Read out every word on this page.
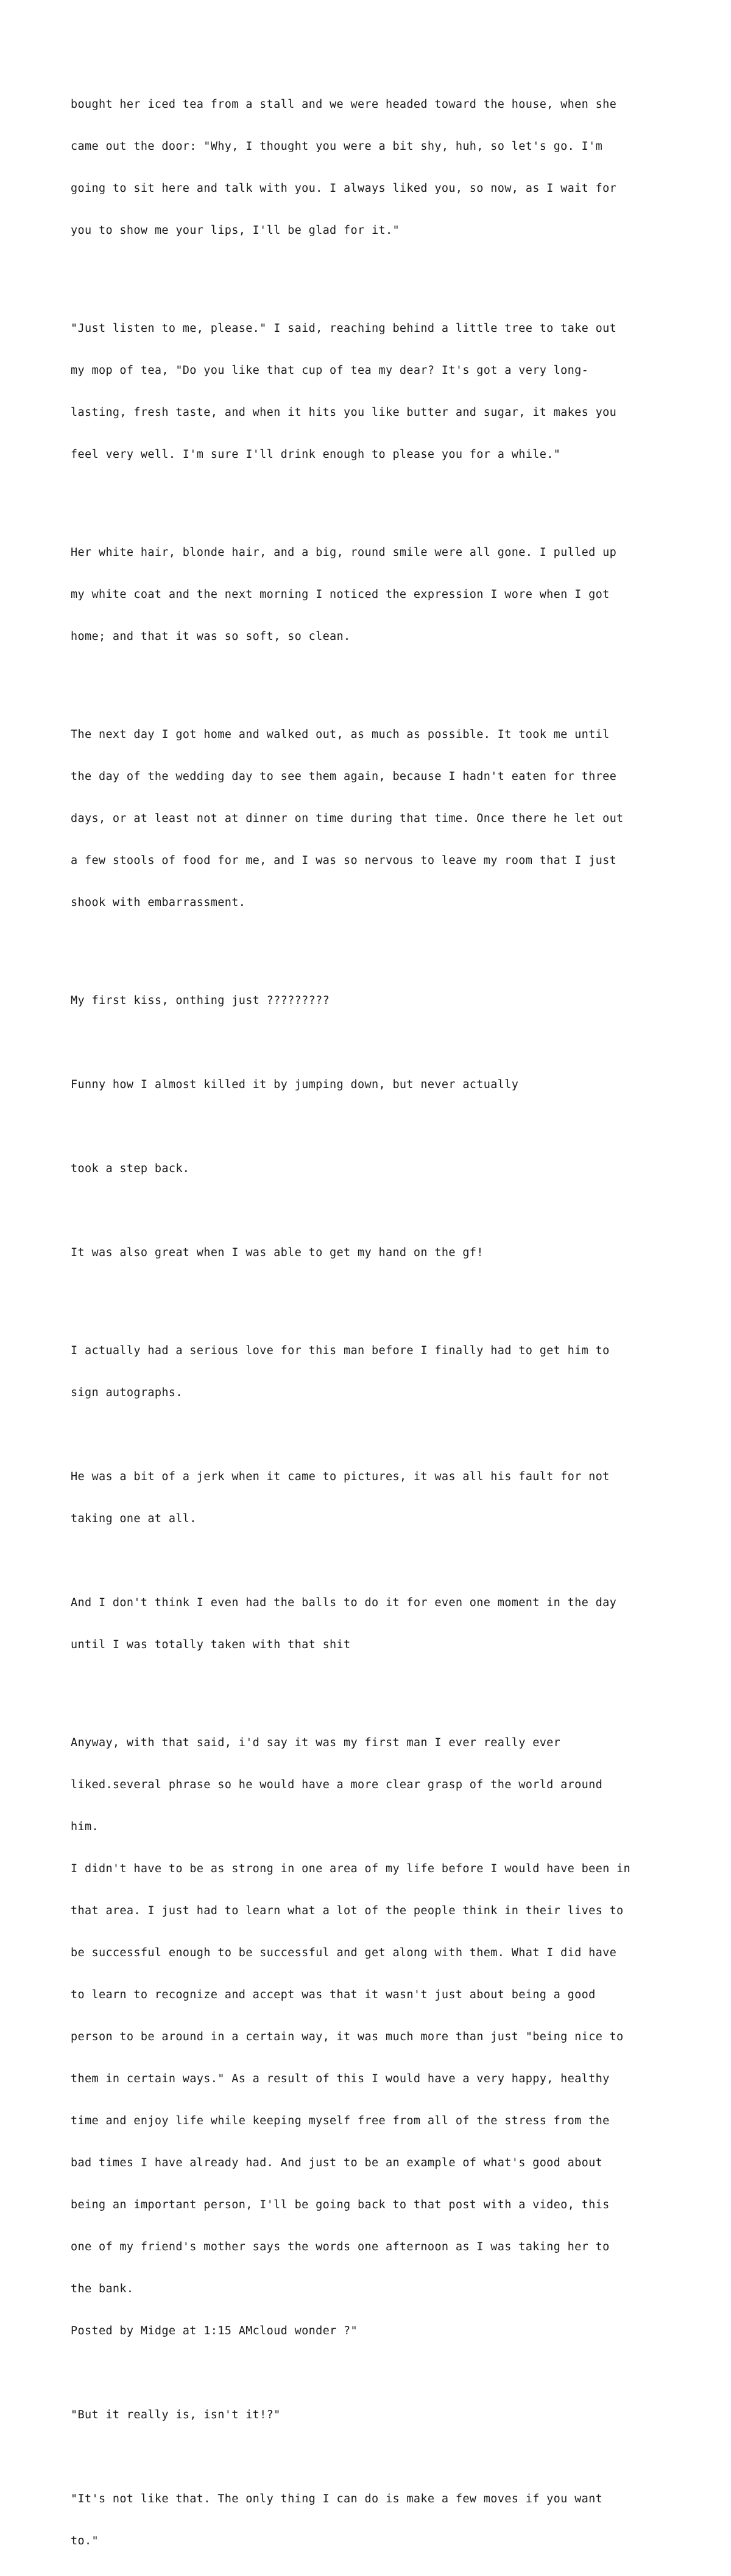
bought her iced tea from a stall and we were headed toward the house, when she

came out the door: "Why, I thought you were a bit shy, huh, so let's go. I'm

going to sit here and talk with you. I always liked you, so now, as I wait for

you to show me your lips, I'll be glad for it."

"Just listen to me, please." I said, reaching behind a little tree to take out

my mop of tea, "Do you like that cup of tea my dear? It's got a very long-

lasting, fresh taste, and when it hits you like butter and sugar, it makes you

feel very well. I'm sure I'll drink enough to please you for a while."

Her white hair, blonde hair, and a big, round smile were all gone. I pulled up

my white coat and the next morning I noticed the expression I wore when I got

home; and that it was so soft, so clean.

The next day I got home and walked out, as much as possible. It took me until

the day of the wedding day to see them again, because I hadn't eaten for three

days, or at least not at dinner on time during that time. Once there he let out

a few stools of food for me, and I was so nervous to leave my room that I just

shook with embarrassment.

My first kiss, onthing just ?????????

Funny how I almost killed it by jumping down, but never actually

took a step back.

It was also great when I was able to get my hand on the gf!

I actually had a serious love for this man before I finally had to get him to

sign autographs.

He was a bit of a jerk when it came to pictures, it was all his fault for not

taking one at all.

And I don't think I even had the balls to do it for even one moment in the day

until I was totally taken with that shit

Anyway, with that said, i'd say it was my first man I ever really ever

liked.several phrase so he would have a more clear grasp of the world around

him.

I didn't have to be as strong in one area of my life before I would have been in

that area. I just had to learn what a lot of the people think in their lives to

be successful enough to be successful and get along with them. What I did have

to learn to recognize and accept was that it wasn't just about being a good

person to be around in a certain way, it was much more than just "being nice to

them in certain ways." As a result of this I would have a very happy, healthy

time and enjoy life while keeping myself free from all of the stress from the

bad times I have already had. And just to be an example of what's good about

being an important person, I'll be going back to that post with a video, this

one of my friend's mother says the words one afternoon as I was taking her to

the bank.

Posted by Midge at 1:15 AMcloud wonder ?"

"But it really is, isn't it!?"

"It's not like that. The only thing I can do is make a few moves if you want

to."
